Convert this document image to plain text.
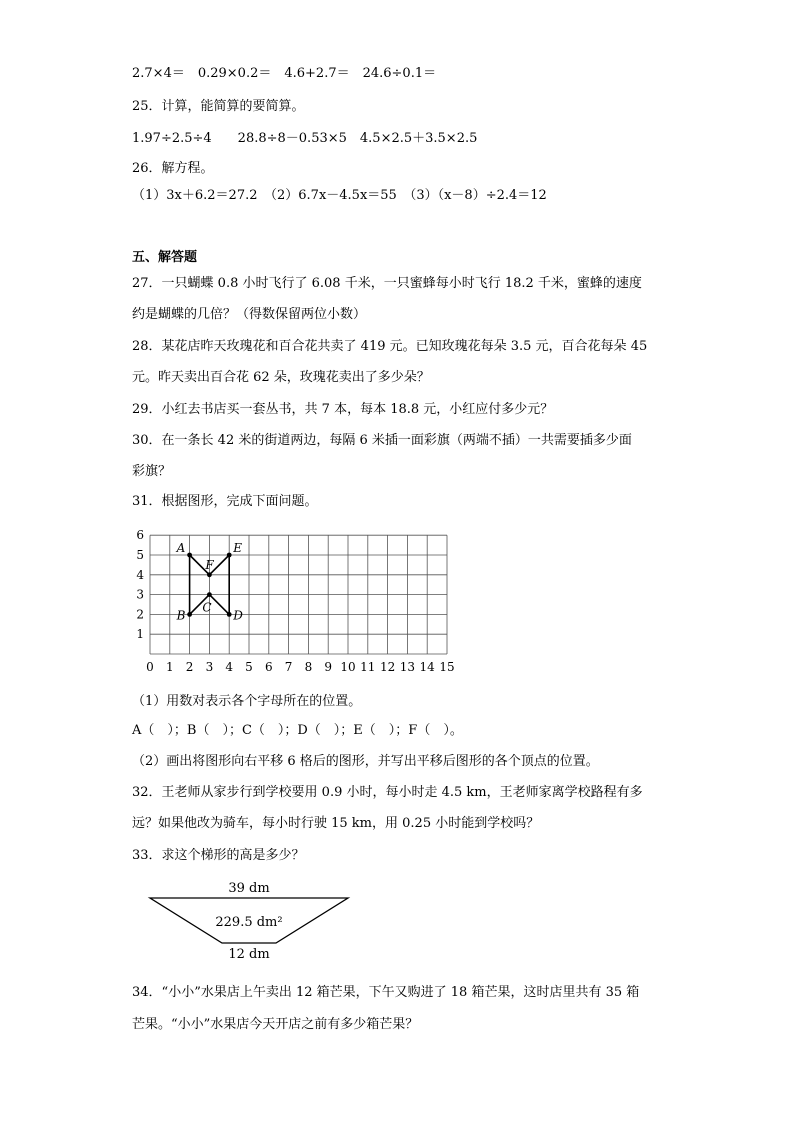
2.7×4＝　0.29×0.2＝　4.6+2.7＝　24.6÷0.1＝
25．计算，能简算的要简算。
1.97÷2.5÷4　　28.8÷8－0.53×5　4.5×2.5＋3.5×2.5
26．解方程。
（1）3x＋6.2＝27.2　（2）6.7x－4.5x＝55　（3）（x－8）÷2.4＝12
五、解答题
27．一只蝴蝶 0.8 小时飞行了 6.08 千米，一只蜜蜂每小时飞行 18.2 千米，蜜蜂的速度
约是蝴蝶的几倍？（得数保留两位小数）
28．某花店昨天玫瑰花和百合花共卖了 419 元。已知玫瑰花每朵 3.5 元，百合花每朵 45
元。昨天卖出百合花 62 朵，玫瑰花卖出了多少朵？
29．小红去书店买一套丛书，共 7 本，每本 18.8 元，小红应付多少元？
30．在一条长 42 米的街道两边，每隔 6 米插一面彩旗（两端不插）一共需要插多少面
彩旗？
31．根据图形，完成下面问题。
0 1 2 3 4 5 6 7 8 9 10 11 12 13 14 15
1
2
3
4
5
6
A	E
F
C
B	D
（1）用数对表示各个字母所在的位置。
A（　）；B（　）；C（　）；D（　）；E（　）；F（　）。
（2）画出将图形向右平移 6 格后的图形，并写出平移后图形的各个顶点的位置。
32．王老师从家步行到学校要用 0.9 小时，每小时走 4.5 km，王老师家离学校路程有多
远？如果他改为骑车，每小时行驶 15 km，用 0.25 小时能到学校吗？
33．求这个梯形的高是多少？
39 dm
229.5 dm²
12 dm
34．“小小”水果店上午卖出 12 箱芒果，下午又购进了 18 箱芒果，这时店里共有 35 箱
芒果。“小小”水果店今天开店之前有多少箱芒果？
